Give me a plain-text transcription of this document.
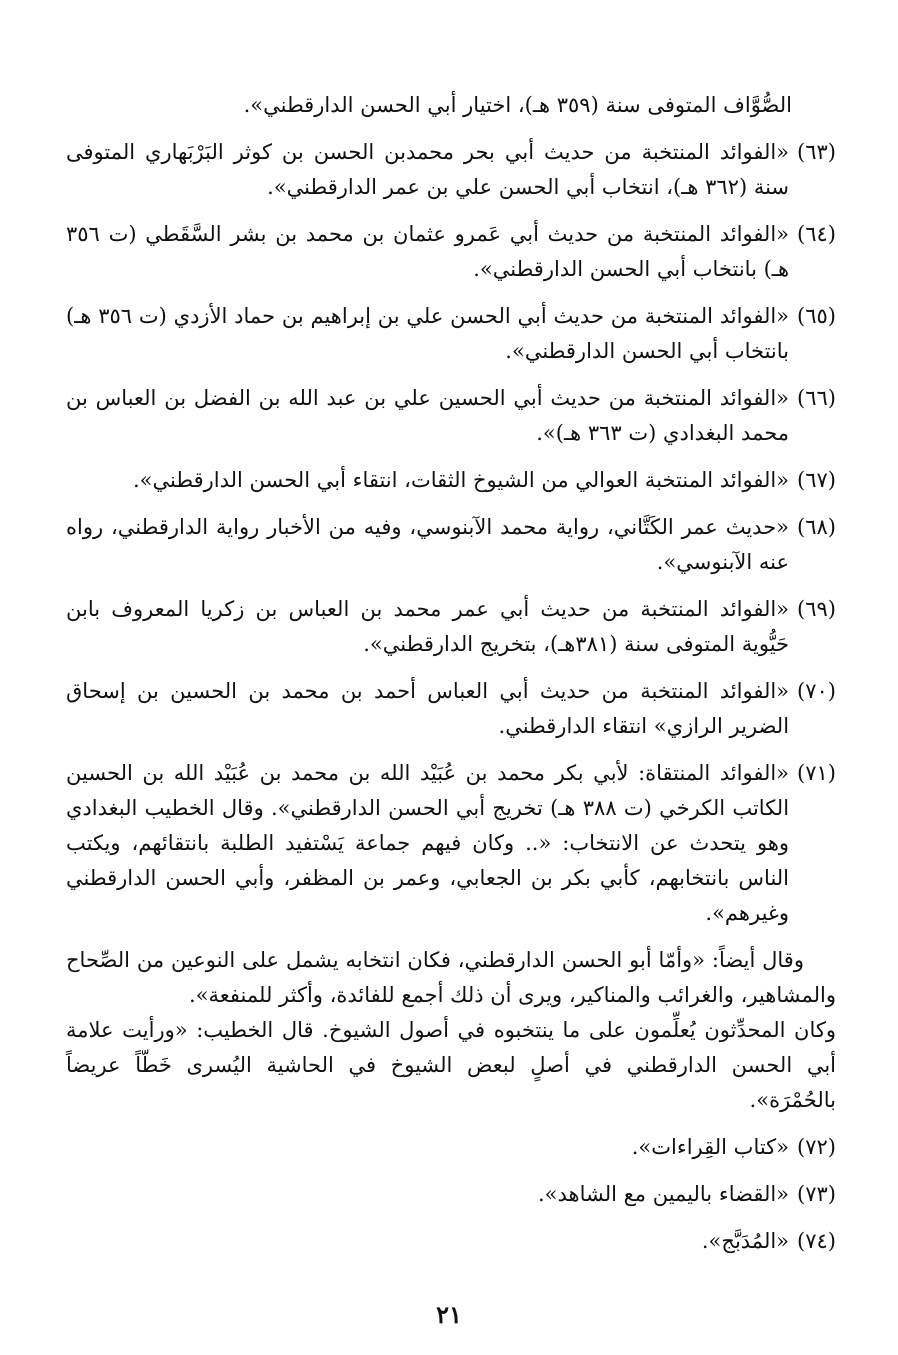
الصُّوَّاف المتوفى سنة (٣٥٩ هـ)، اختيار أبي الحسن الدارقطني».
(٦٣)
«الفوائد المنتخبة من حديث أبي بحر محمدبن الحسن بن كوثر البَرْبَهاري المتوفى سنة (٣٦٢ هـ)، انتخاب أبي الحسن علي بن عمر الدارقطني».
(٦٤)
«الفوائد المنتخبة من حديث أبي عَمرو عثمان بن محمد بن بشر السَّقَطي (ت ٣٥٦ هـ) بانتخاب أبي الحسن الدارقطني».
(٦٥)
«الفوائد المنتخبة من حديث أبي الحسن علي بن إبراهيم بن حماد الأزدي (ت ٣٥٦ هـ) بانتخاب أبي الحسن الدارقطني».
(٦٦)
«الفوائد المنتخبة من حديث أبي الحسين علي بن عبد الله بن الفضل بن العباس بن محمد البغدادي (ت ٣٦٣ هـ)».
(٦٧)
«الفوائد المنتخبة العوالي من الشيوخ الثقات، انتقاء أبي الحسن الدارقطني».
(٦٨)
«حديث عمر الكَتَّاني، رواية محمد الآبنوسي، وفيه من الأخبار رواية الدارقطني، رواه عنه الآبنوسي».
(٦٩)
«الفوائد المنتخبة من حديث أبي عمر محمد بن العباس بن زكريا المعروف بابن حَيُّوية المتوفى سنة (٣٨١هـ)، بتخريج الدارقطني».
(٧٠)
«الفوائد المنتخبة من حديث أبي العباس أحمد بن محمد بن الحسين بن إسحاق الضرير الرازي» انتقاء الدارقطني.
(٧١)
«الفوائد المنتقاة: لأبي بكر محمد بن عُبَيْد الله بن محمد بن عُبَيْد الله بن الحسين الكاتب الكرخي (ت ٣٨٨ هـ) تخريج أبي الحسن الدارقطني». وقال الخطيب البغدادي وهو يتحدث عن الانتخاب: «.. وكان فيهم جماعة يَسْتفيد الطلبة بانتقائهم، ويكتب الناس بانتخابهم، كأبي بكر بن الجعابي، وعمر بن المظفر، وأبي الحسن الدارقطني وغيرهم».

وقال أيضاً: «وأمّا أبو الحسن الدارقطني، فكان انتخابه يشمل على النوعين من الصِّحاح والمشاهير، والغرائب والمناكير، ويرى أن ذلك أجمع للفائدة، وأكثر للمنفعة».

وكان المحدِّثون يُعلِّمون على ما ينتخبوه في أصول الشيوخ. قال الخطيب: «ورأيت علامة أبي الحسن الدارقطني في أصلٍ لبعض الشيوخ في الحاشية اليُسرى خَطّاً عريضاً بالحُمْرَة».

(٧٢)
«كتاب القِراءات».
(٧٣)
«القضاء باليمين مع الشاهد».
(٧٤)
«المُدَبَّج».
٢١
